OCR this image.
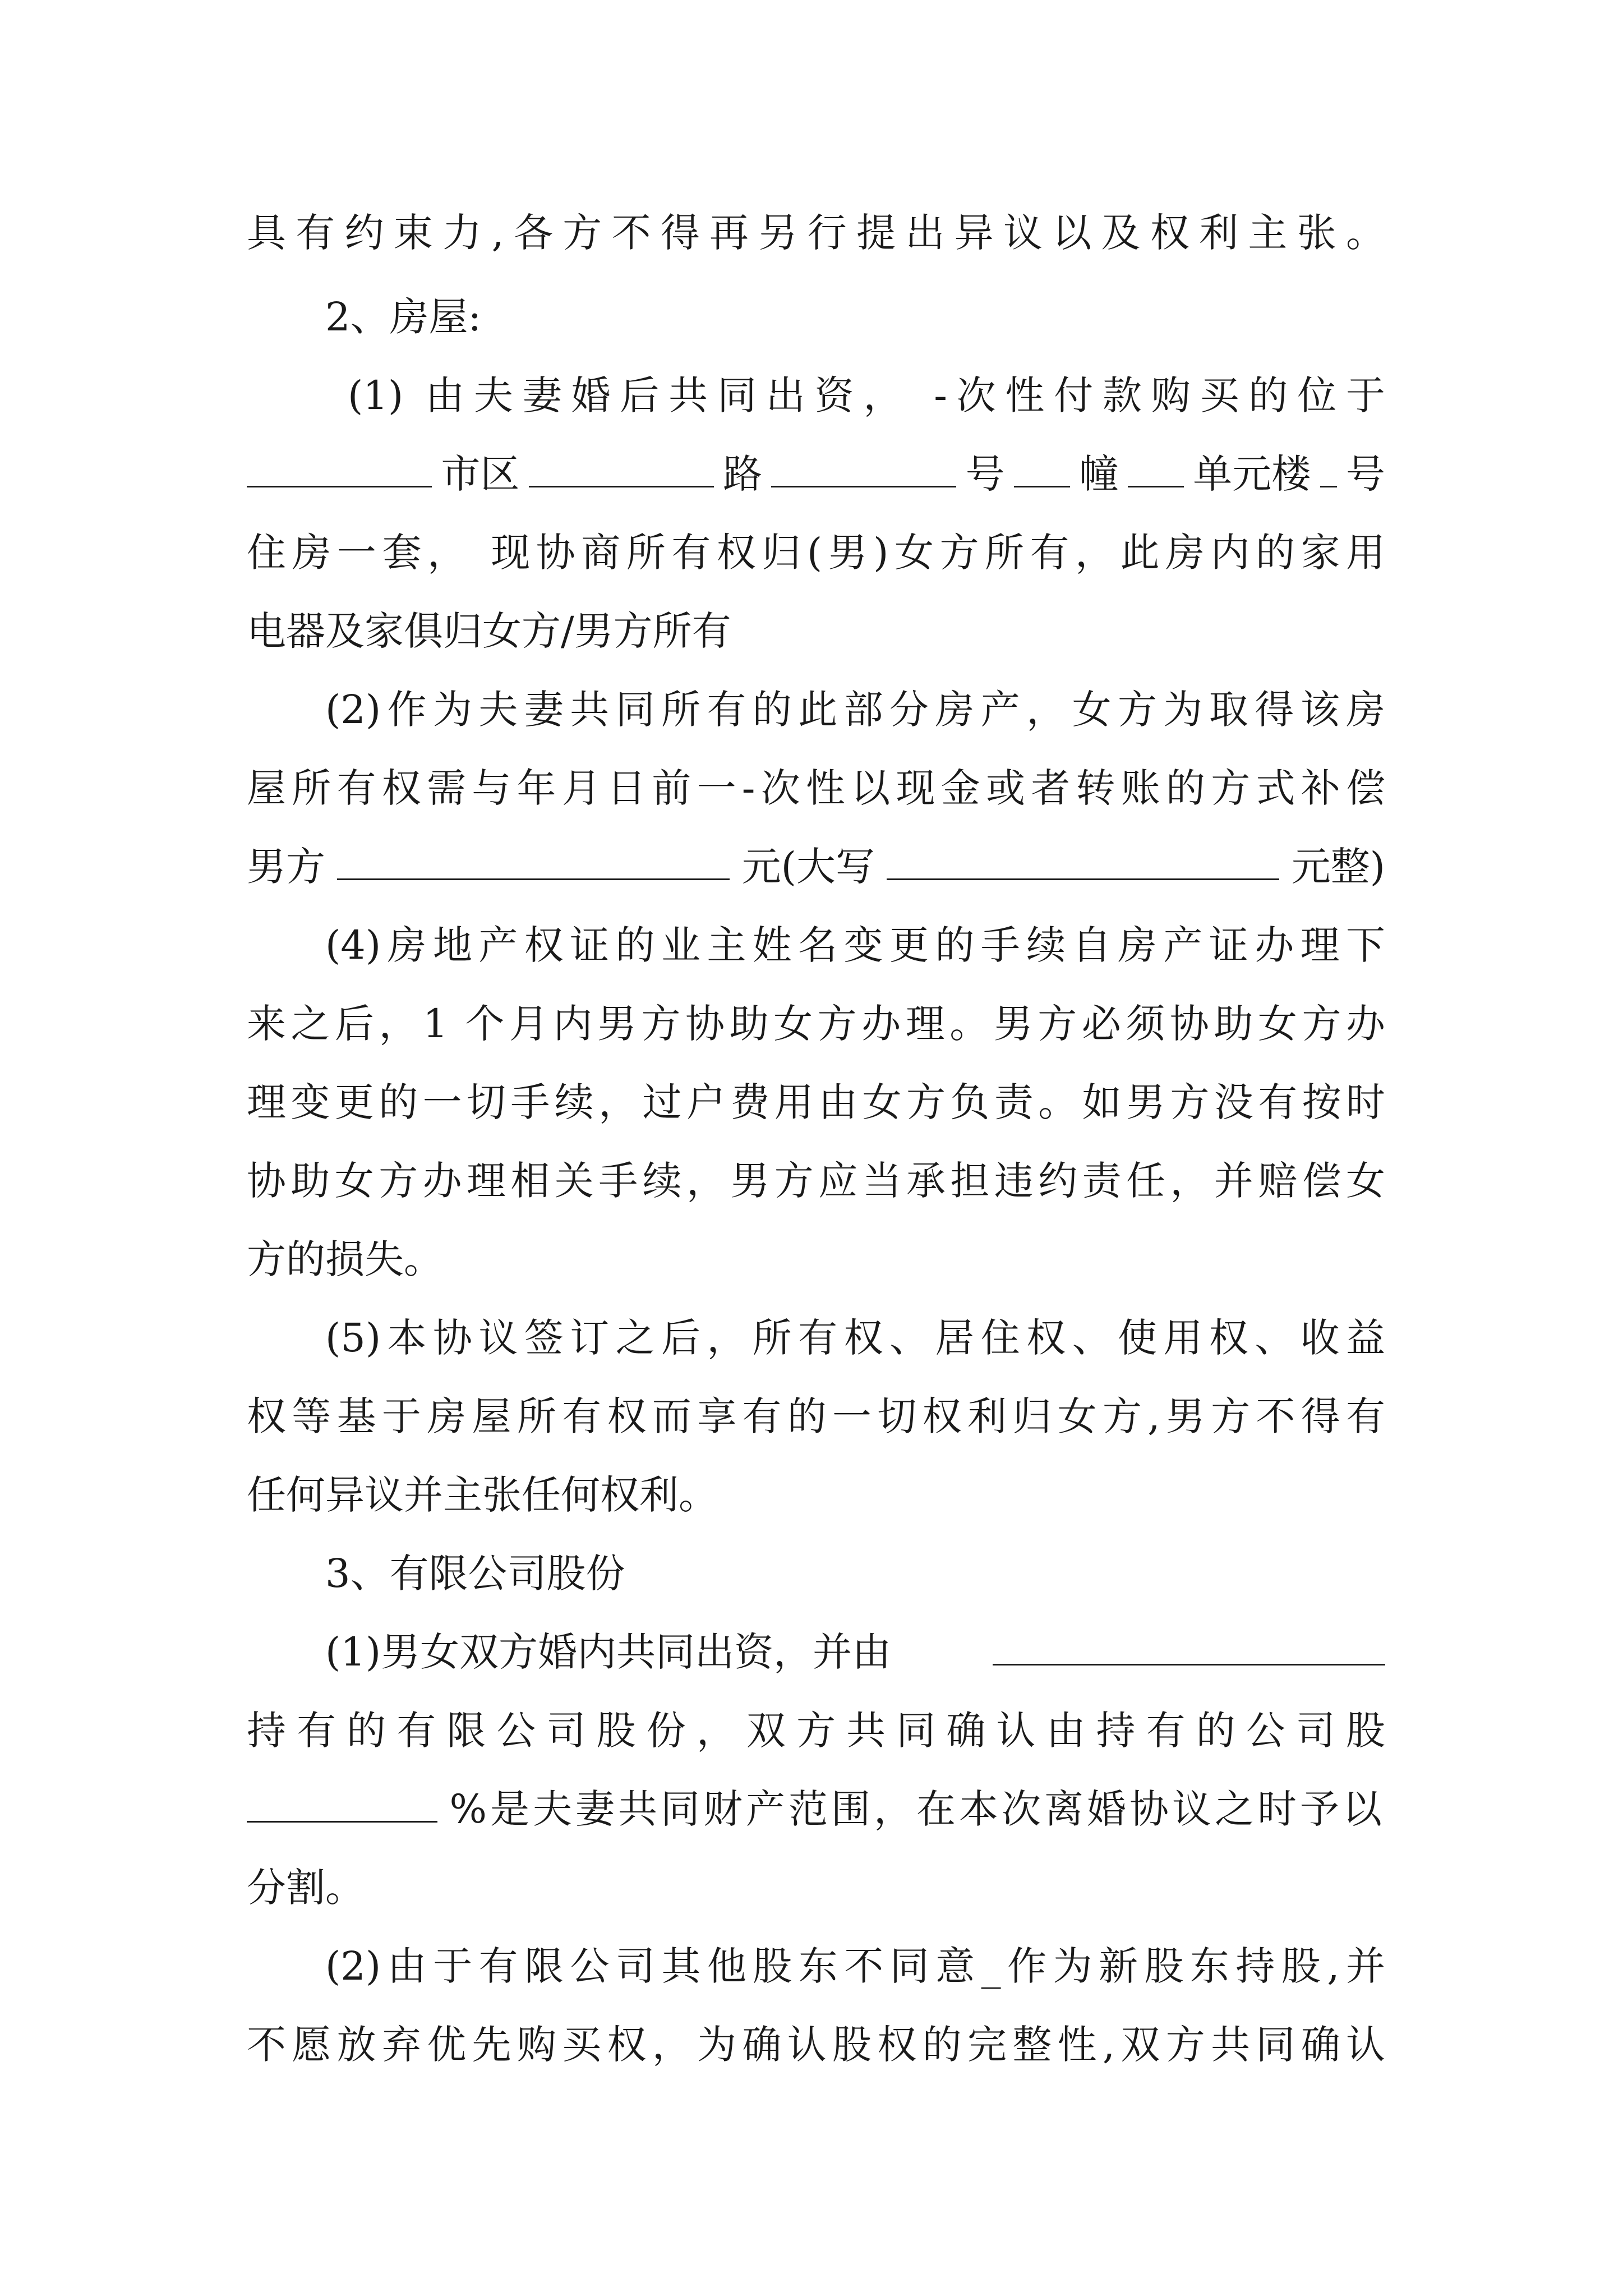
具有约束力,各方不得再另行提出异议以及权利主张。
2、房屋:
(1) 由夫妻婚后共同出资， -次性付款购买的位于
市区	路	号 幢 单元楼 号
住房一套， 现协商所有权归(男)女方所有，此房内的家用
电器及家俱归女方/男方所有
(2)作为夫妻共同所有的此部分房产，女方为取得该房
屋所有权需与年月日前一-次性以现金或者转账的方式补偿
男方	元(大写	元整)
(4)房地产权证的业主姓名变更的手续自房产证办理下
来之后，1 个月内男方协助女方办理。男方必须协助女方办
理变更的一切手续，过户费用由女方负责。如男方没有按时
协助女方办理相关手续，男方应当承担违约责任，并赔偿女
方的损失。
(5)本协议签订之后，所有权、居住权、使用权、收益
权等基于房屋所有权而享有的一切权利归女方,男方不得有
任何异议并主张任何权利。
3、有限公司股份
(1)男女双方婚内共同出资，并由
持有的有限公司股份，双方共同确认由持有的公司股
%是夫妻共同财产范围，在本次离婚协议之时予以
分割。
(2)由于有限公司其他股东不同意_作为新股东持股,并
不愿放弃优先购买权，为确认股权的完整性,双方共同确认
